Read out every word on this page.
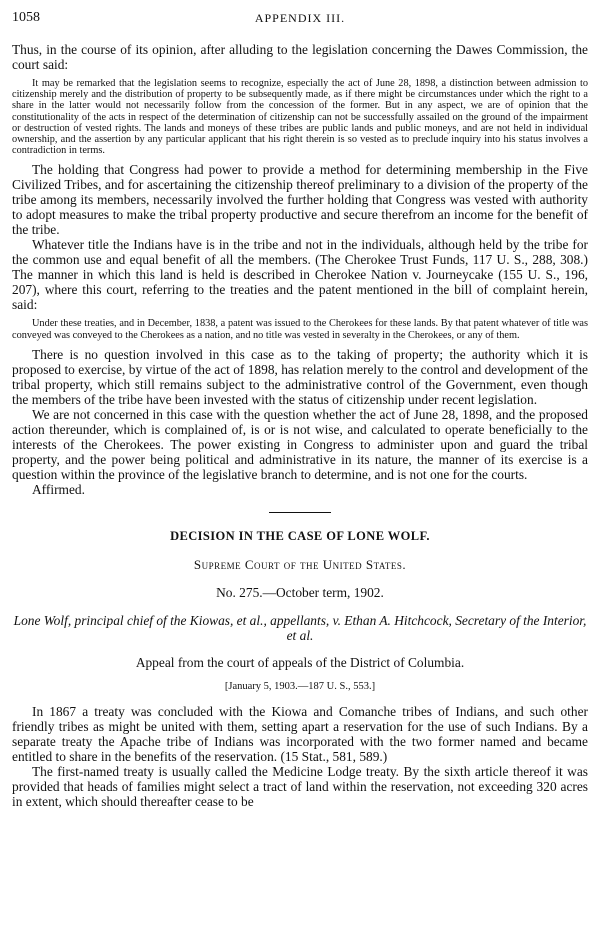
1058	APPENDIX III.

Thus, in the course of its opinion, after alluding to the legislation concerning the Dawes Commission, the court said:

It may be remarked that the legislation seems to recognize, especially the act of June 28, 1898, a distinction between admission to citizenship merely and the distribution of property to be subsequently made, as if there might be circumstances under which the right to a share in the latter would not necessarily follow from the concession of the former. But in any aspect, we are of opinion that the constitutionality of the acts in respect of the determination of citizenship can not be successfully assailed on the ground of the impairment or destruction of vested rights. The lands and moneys of these tribes are public lands and public moneys, and are not held in individual ownership, and the assertion by any particular applicant that his right therein is so vested as to preclude inquiry into his status involves a contradiction in terms.

The holding that Congress had power to provide a method for determining membership in the Five Civilized Tribes, and for ascertaining the citizenship thereof preliminary to a division of the property of the tribe among its members, necessarily involved the further holding that Congress was vested with authority to adopt measures to make the tribal property productive and secure therefrom an income for the benefit of the tribe.

Whatever title the Indians have is in the tribe and not in the individuals, although held by the tribe for the common use and equal benefit of all the members. (The Cherokee Trust Funds, 117 U. S., 288, 308.) The manner in which this land is held is described in Cherokee Nation v. Journeycake (155 U. S., 196, 207), where this court, referring to the treaties and the patent mentioned in the bill of complaint herein, said:

Under these treaties, and in December, 1838, a patent was issued to the Cherokees for these lands. By that patent whatever of title was conveyed was conveyed to the Cherokees as a nation, and no title was vested in severalty in the Cherokees, or any of them.

There is no question involved in this case as to the taking of property; the authority which it is proposed to exercise, by virtue of the act of 1898, has relation merely to the control and development of the tribal property, which still remains subject to the administrative control of the Government, even though the members of the tribe have been invested with the status of citizenship under recent legislation.

We are not concerned in this case with the question whether the act of June 28, 1898, and the proposed action thereunder, which is complained of, is or is not wise, and calculated to operate beneficially to the interests of the Cherokees. The power existing in Congress to administer upon and guard the tribal property, and the power being political and administrative in its nature, the manner of its exercise is a question within the province of the legislative branch to determine, and is not one for the courts.

Affirmed.

DECISION IN THE CASE OF LONE WOLF.

Supreme Court of the United States.

No. 275.—October term, 1902.

Lone Wolf, principal chief of the Kiowas, et al., appellants, v. Ethan A. Hitchcock, Secretary of the Interior, et al.

Appeal from the court of appeals of the District of Columbia.

[January 5, 1903.—187 U. S., 553.]

In 1867 a treaty was concluded with the Kiowa and Comanche tribes of Indians, and such other friendly tribes as might be united with them, setting apart a reservation for the use of such Indians. By a separate treaty the Apache tribe of Indians was incorporated with the two former named and became entitled to share in the benefits of the reservation. (15 Stat., 581, 589.)

The first-named treaty is usually called the Medicine Lodge treaty. By the sixth article thereof it was provided that heads of families might select a tract of land within the reservation, not exceeding 320 acres in extent, which should thereafter cease to be
